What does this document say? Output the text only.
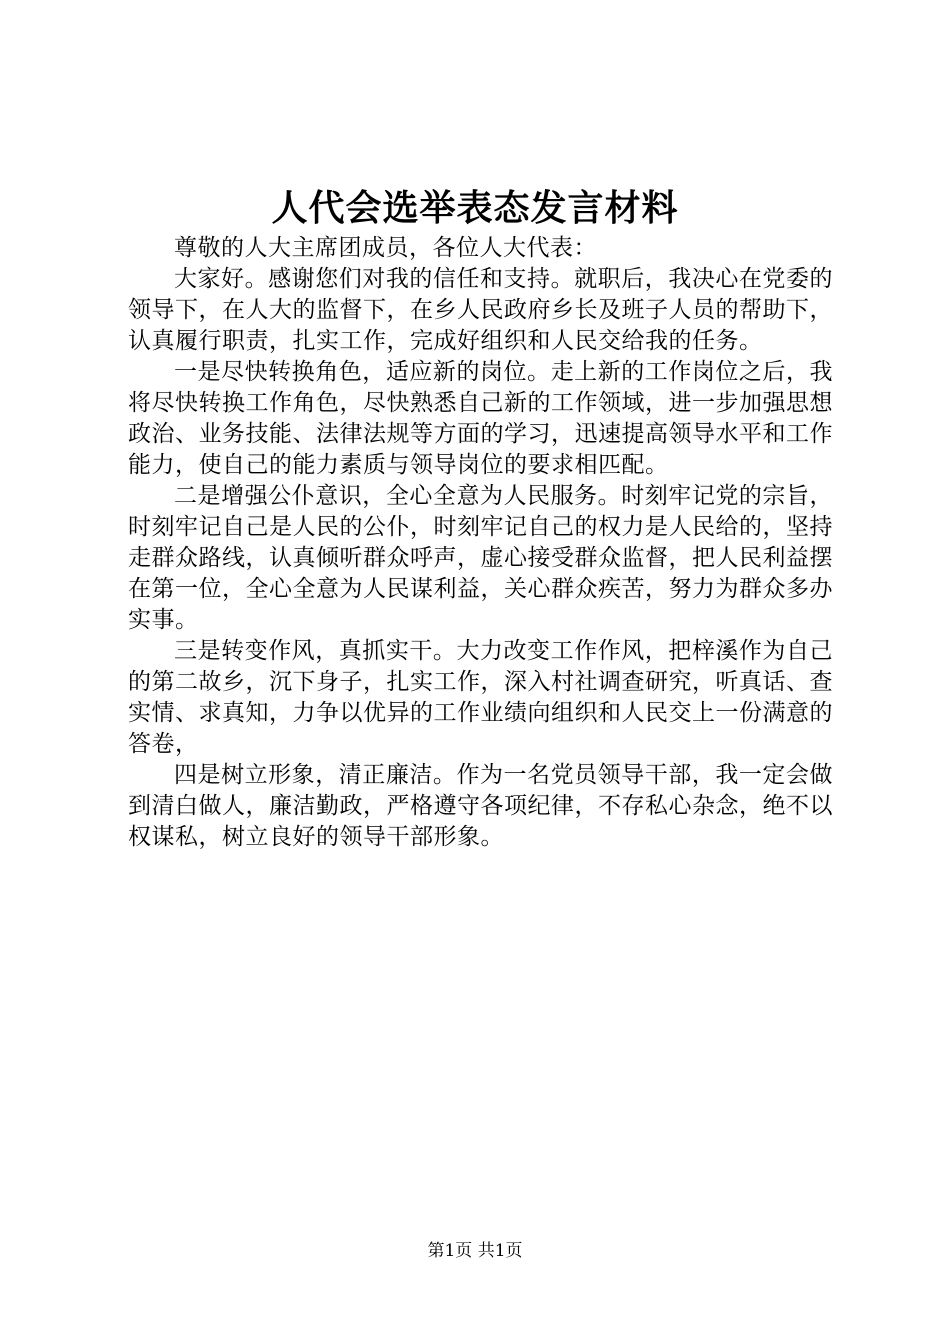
人代会选举表态发言材料

尊敬的人大主席团成员，各位人大代表：

大家好。感谢您们对我的信任和支持。就职后，我决心在党委的领导下，在人大的监督下，在乡人民政府乡长及班子人员的帮助下，认真履行职责，扎实工作，完成好组织和人民交给我的任务。

一是尽快转换角色，适应新的岗位。走上新的工作岗位之后，我将尽快转换工作角色，尽快熟悉自己新的工作领域，进一步加强思想政治、业务技能、法律法规等方面的学习，迅速提高领导水平和工作能力，使自己的能力素质与领导岗位的要求相匹配。

二是增强公仆意识，全心全意为人民服务。时刻牢记党的宗旨，时刻牢记自己是人民的公仆，时刻牢记自己的权力是人民给的，坚持走群众路线，认真倾听群众呼声，虚心接受群众监督，把人民利益摆在第一位，全心全意为人民谋利益，关心群众疾苦，努力为群众多办实事。

三是转变作风，真抓实干。大力改变工作作风，把梓溪作为自己的第二故乡，沉下身子，扎实工作，深入村社调查研究，听真话、查实情、求真知，力争以优异的工作业绩向组织和人民交上一份满意的答卷，

四是树立形象，清正廉洁。作为一名党员领导干部，我一定会做到清白做人，廉洁勤政，严格遵守各项纪律，不存私心杂念，绝不以权谋私，树立良好的领导干部形象。

第1页 共1页
